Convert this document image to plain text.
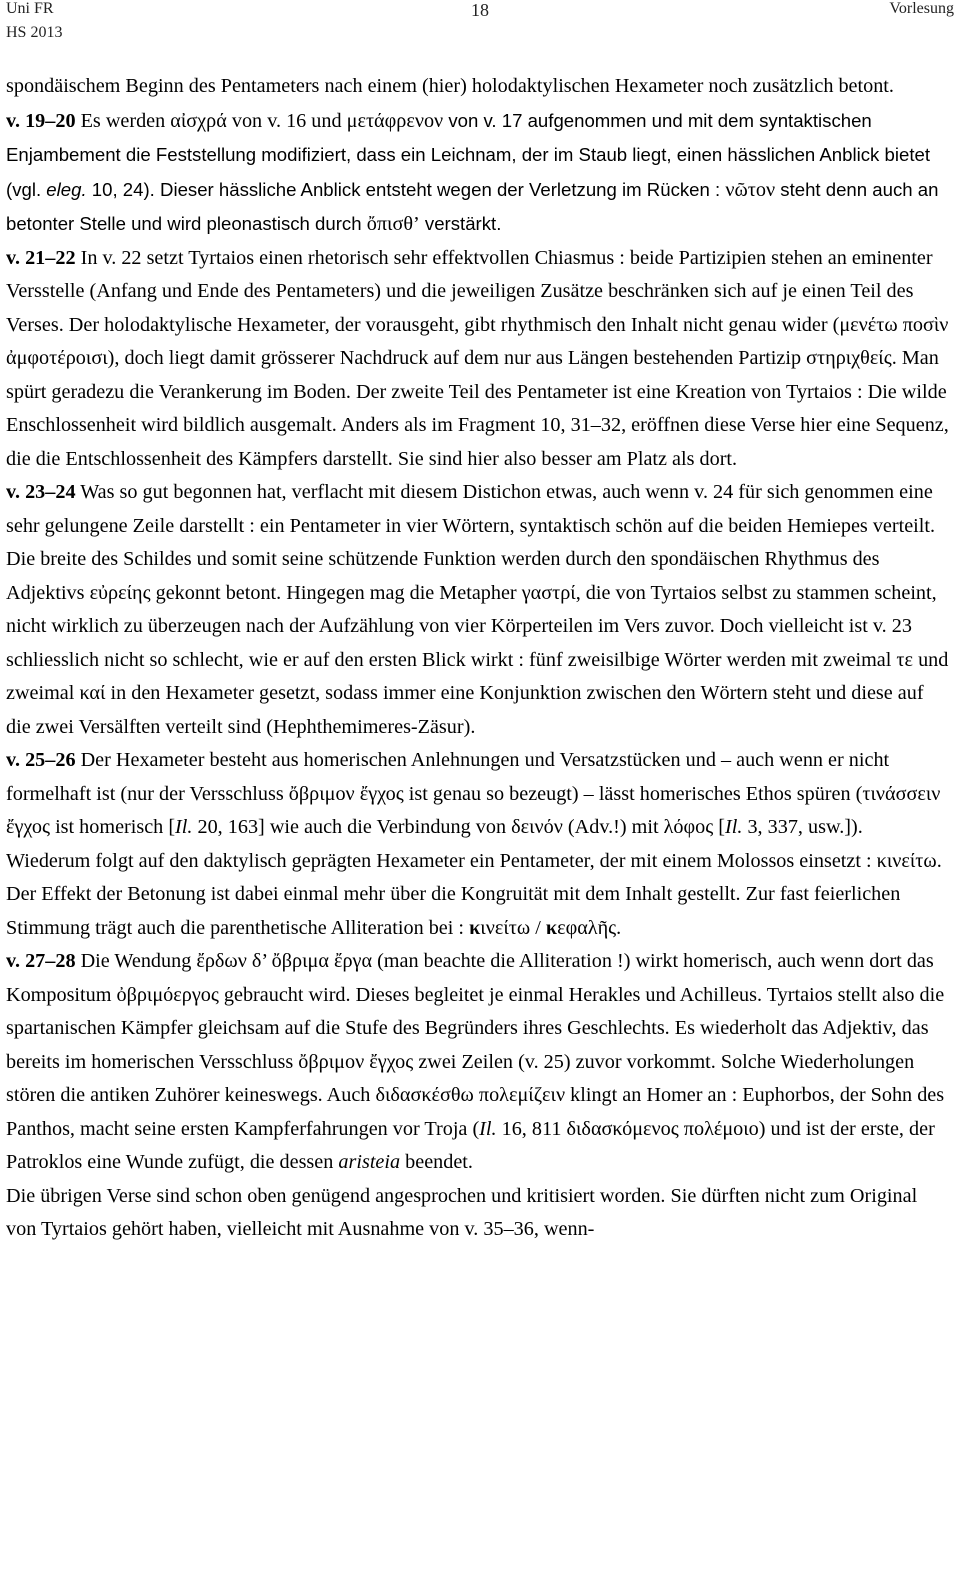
Uni FR
HS 2013
18	Vorlesung

spondäischem Beginn des Pentameters nach einem (hier) holodaktylischen Hexameter noch zusätzlich betont.

v. 19–20 Es werden αἰσχρά von v. 16 und μετάφρενον von v. 17 aufgenommen und mit dem syntaktischen Enjambement die Feststellung modifiziert, dass ein Leichnam, der im Staub liegt, einen hässlichen Anblick bietet (vgl. eleg. 10, 24). Dieser hässliche Anblick entsteht wegen der Verletzung im Rücken : νῶτον steht denn auch an betonter Stelle und wird pleonastisch durch ὄπισθ’ verstärkt.

v. 21–22 In v. 22 setzt Tyrtaios einen rhetorisch sehr effektvollen Chiasmus : beide Partizipien stehen an eminenter Versstelle (Anfang und Ende des Pentameters) und die jeweiligen Zusätze beschränken sich auf je einen Teil des Verses. Der holodaktylische Hexameter, der vorausgeht, gibt rhythmisch den Inhalt nicht genau wider (μενέτω ποσὶν ἀμφοτέροισι), doch liegt damit grösserer Nachdruck auf dem nur aus Längen bestehenden Partizip στηριχθείς. Man spürt geradezu die Verankerung im Boden. Der zweite Teil des Pentameter ist eine Kreation von Tyrtaios : Die wilde Enschlossenheit wird bildlich ausgemalt. Anders als im Fragment 10, 31–32, eröffnen diese Verse hier eine Sequenz, die die Entschlossenheit des Kämpfers darstellt. Sie sind hier also besser am Platz als dort.

v. 23–24 Was so gut begonnen hat, verflacht mit diesem Distichon etwas, auch wenn v. 24 für sich genommen eine sehr gelungene Zeile darstellt : ein Pentameter in vier Wörtern, syntaktisch schön auf die beiden Hemiepes verteilt. Die breite des Schildes und somit seine schützende Funktion werden durch den spondäischen Rhythmus des Adjektivs εὐρείης gekonnt betont. Hingegen mag die Metapher γαστρί, die von Tyrtaios selbst zu stammen scheint, nicht wirklich zu überzeugen nach der Aufzählung von vier Körperteilen im Vers zuvor. Doch vielleicht ist v. 23 schliesslich nicht so schlecht, wie er auf den ersten Blick wirkt : fünf zweisilbige Wörter werden mit zweimal τε und zweimal καί in den Hexameter gesetzt, sodass immer eine Konjunktion zwischen den Wörtern steht und diese auf die zwei Versälften verteilt sind (Hephthemimeres-Zäsur).

v. 25–26 Der Hexameter besteht aus homerischen Anlehnungen und Versatzstücken und – auch wenn er nicht formelhaft ist (nur der Versschluss ὄβριμον ἔγχος ist genau so bezeugt) – lässt homerisches Ethos spüren (τινάσσειν ἔγχος ist homerisch [Il. 20, 163] wie auch die Verbindung von δεινόν (Adv.!) mit λόφος [Il. 3, 337, usw.]). Wiederum folgt auf den daktylisch geprägten Hexameter ein Pentameter, der mit einem Molossos einsetzt : κινείτω. Der Effekt der Betonung ist dabei einmal mehr über die Kongruität mit dem Inhalt gestellt. Zur fast feierlichen Stimmung trägt auch die parenthetische Alliteration bei : κινείτω / κεφαλῆς.

v. 27–28 Die Wendung ἔρδων δ’ ὄβριμα ἔργα (man beachte die Alliteration !) wirkt homerisch, auch wenn dort das Kompositum ὀβριμόεργος gebraucht wird. Dieses begleitet je einmal Herakles und Achilleus. Tyrtaios stellt also die spartanischen Kämpfer gleichsam auf die Stufe des Begründers ihres Geschlechts. Es wiederholt das Adjektiv, das bereits im homerischen Versschluss ὄβριμον ἔγχος zwei Zeilen (v. 25) zuvor vorkommt. Solche Wiederholungen stören die antiken Zuhörer keineswegs. Auch διδασκέσθω πολεμίζειν klingt an Homer an : Euphorbos, der Sohn des Panthos, macht seine ersten Kampferfahrungen vor Troja (Il. 16, 811 διδασκόμενος πολέμοιο) und ist der erste, der Patroklos eine Wunde zufügt, die dessen aristeia beendet.

Die übrigen Verse sind schon oben genügend angesprochen und kritisiert worden. Sie dürften nicht zum Original von Tyrtaios gehört haben, vielleicht mit Ausnahme von v. 35–36, wenn-
